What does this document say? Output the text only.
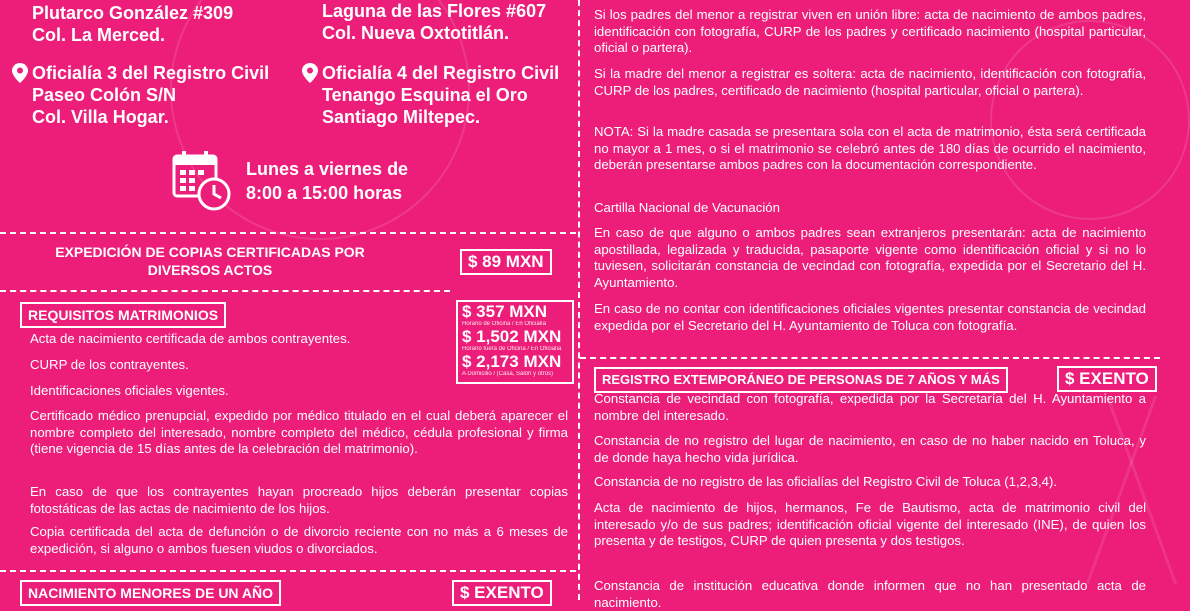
Plutarco González #309
Col. La Merced.
Laguna de las Flores #607
Col. Nueva Oxtotitlán.
Oficialía 3 del Registro Civil
Paseo Colón S/N
Col. Villa Hogar.
Oficialía 4 del Registro Civil
Tenango Esquina el Oro
Santiago Miltepec.
Lunes a viernes de
8:00 a 15:00 horas
EXPEDICIÓN DE COPIAS CERTIFICADAS POR
DIVERSOS ACTOS	$ 89 MXN
REQUISITOS MATRIMONIOS	$ 357 MXN
Horario de Oficina / En Oficialía
$ 1,502 MXN
Horario fuera de Oficina / En Oficialía
$ 2,173 MXN
A Domicilio / (Casa, Salón y otros)
Acta de nacimiento certificada de ambos contrayentes.
CURP de los contrayentes.
Identificaciones oficiales vigentes.
Certificado médico prenupcial, expedido por médico titulado en el cual deberá aparecer el nombre completo del interesado, nombre completo del médico, cédula profesional y firma (tiene vigencia de 15 días antes de la celebración del matrimonio).
En caso de que los contrayentes hayan procreado hijos deberán presentar copias fotostáticas de las actas de nacimiento de los hijos.
Copia certificada del acta de defunción o de divorcio reciente con no más a 6 meses de expedición, si alguno o ambos fuesen viudos o divorciados.
NACIMIENTO MENORES DE UN AÑO	$ EXENTO
Si los padres del menor a registrar viven en unión libre: acta de nacimiento de ambos padres, identificación con fotografía, CURP de los padres y certificado nacimiento (hospital particular, oficial o partera).
Si la madre del menor a registrar es soltera: acta de nacimiento, identificación con fotografía, CURP de los padres, certificado de nacimiento (hospital particular, oficial o partera).
NOTA: Si la madre casada se presentara sola con el acta de matrimonio, ésta será certificada no mayor a 1 mes, o si el matrimonio se celebró antes de 180 días de ocurrido el nacimiento, deberán presentarse ambos padres con la documentación correspondiente.
Cartilla Nacional de Vacunación
En caso de que alguno o ambos padres sean extranjeros presentarán: acta de nacimiento apostillada, legalizada y traducida, pasaporte vigente como identificación oficial y si no lo tuviesen, solicitarán constancia de vecindad con fotografía, expedida por el Secretario del H. Ayuntamiento.
En caso de no contar con identificaciones oficiales vigentes presentar constancia de vecindad expedida por el Secretario del H. Ayuntamiento de Toluca con fotografía.
REGISTRO EXTEMPORÁNEO DE PERSONAS DE 7 AÑOS Y MÁS	$ EXENTO
Constancia de vecindad con fotografía, expedida por la Secretaría del H. Ayuntamiento a nombre del interesado.
Constancia de no registro del lugar de nacimiento, en caso de no haber nacido en Toluca, y de donde haya hecho vida jurídica.
Constancia de no registro de las oficialías del Registro Civil de Toluca (1,2,3,4).
Acta de nacimiento de hijos, hermanos, Fe de Bautismo, acta de matrimonio civil del interesado y/o de sus padres; identificación oficial vigente del interesado (INE), de quien los presenta y de testigos, CURP de quien presenta y dos testigos.
Constancia de institución educativa donde informen que no han presentado acta de nacimiento.
